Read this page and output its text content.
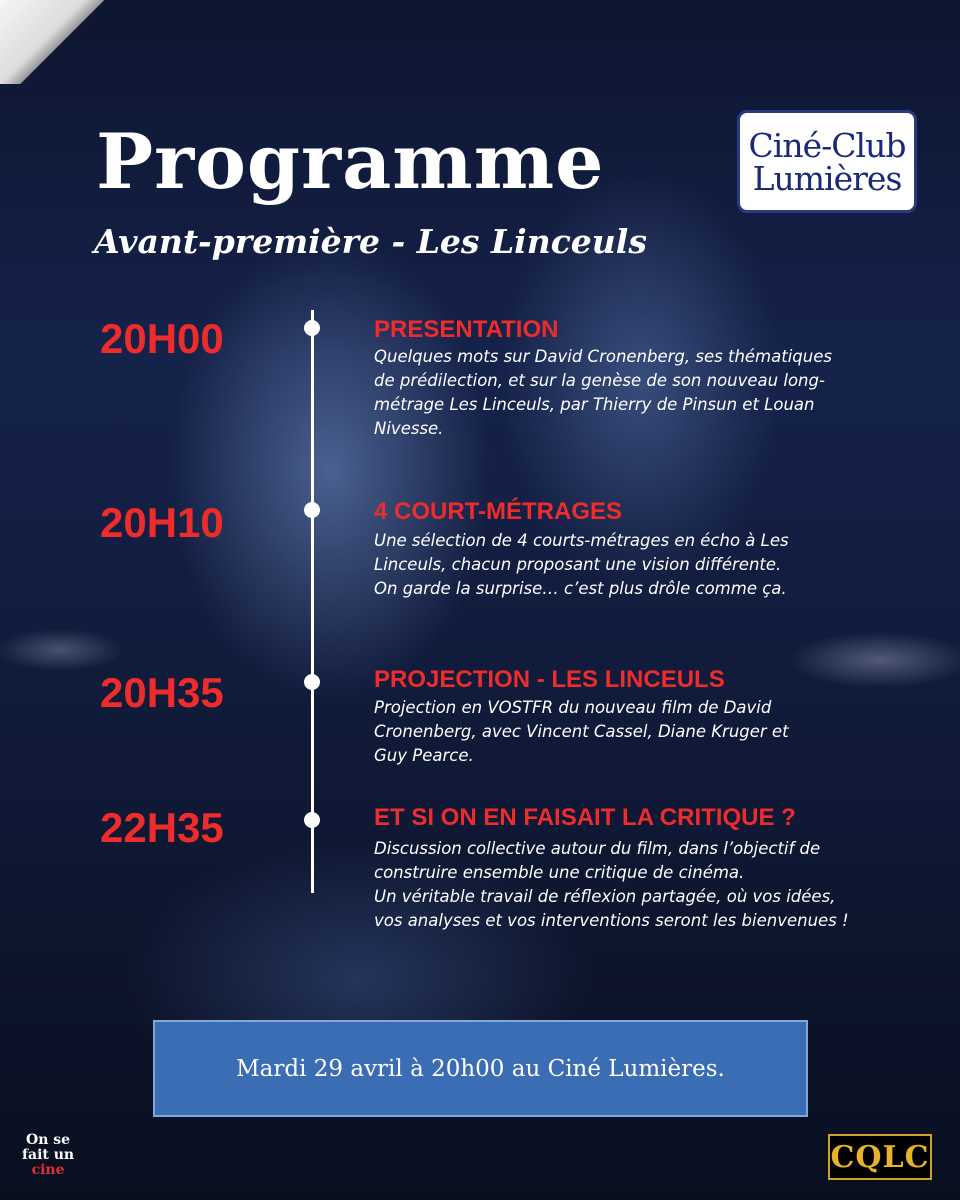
Programme
Avant-première - Les Linceuls
Ciné-Club
Lumières
20H00	PRESENTATION
Quelques mots sur David Cronenberg, ses thématiques
de prédilection, et sur la genèse de son nouveau long-
métrage Les Linceuls, par Thierry de Pinsun et Louan
Nivesse.
20H10	4 COURT-MÉTRAGES
Une sélection de 4 courts-métrages en écho à Les
Linceuls, chacun proposant une vision différente.
On garde la surprise… c’est plus drôle comme ça.
20H35	PROJECTION - LES LINCEULS
Projection en VOSTFR du nouveau film de David
Cronenberg, avec Vincent Cassel, Diane Kruger et
Guy Pearce.
22H35	ET SI ON EN FAISAIT LA CRITIQUE ?
Discussion collective autour du film, dans l’objectif de
construire ensemble une critique de cinéma.
Un véritable travail de réflexion partagée, où vos idées,
vos analyses et vos interventions seront les bienvenues !
Mardi 29 avril à 20h00 au Ciné Lumières.
On se
fait un
cine	CQLC
